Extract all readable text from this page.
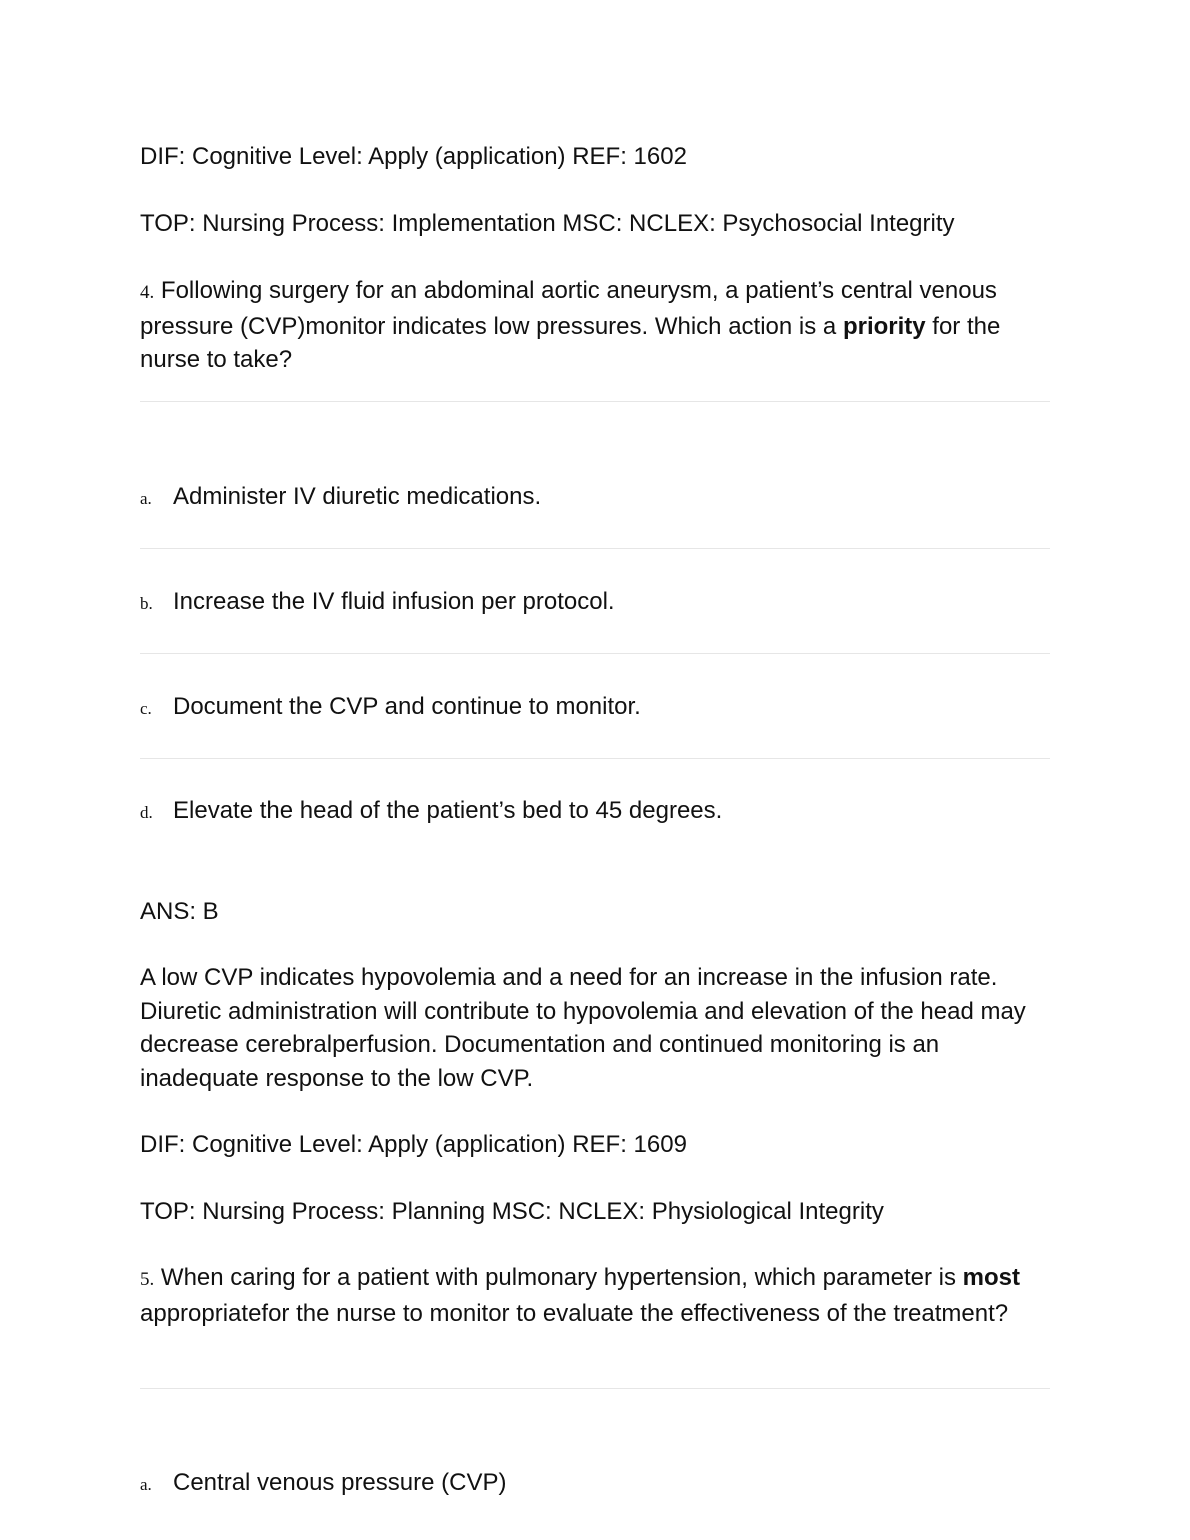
DIF: Cognitive Level: Apply (application) REF: 1602
TOP: Nursing Process: Implementation MSC: NCLEX: Psychosocial Integrity
4. Following surgery for an abdominal aortic aneurysm, a patient’s central venous pressure (CVP)monitor indicates low pressures. Which action is a priority for the nurse to take?
a. Administer IV diuretic medications.
b. Increase the IV fluid infusion per protocol.
c. Document the CVP and continue to monitor.
d. Elevate the head of the patient’s bed to 45 degrees.
ANS: B
A low CVP indicates hypovolemia and a need for an increase in the infusion rate. Diuretic administration will contribute to hypovolemia and elevation of the head may decrease cerebralperfusion. Documentation and continued monitoring is an inadequate response to the low CVP.
DIF: Cognitive Level: Apply (application) REF: 1609
TOP: Nursing Process: Planning MSC: NCLEX: Physiological Integrity
5. When caring for a patient with pulmonary hypertension, which parameter is most appropriatefor the nurse to monitor to evaluate the effectiveness of the treatment?
a. Central venous pressure (CVP)
